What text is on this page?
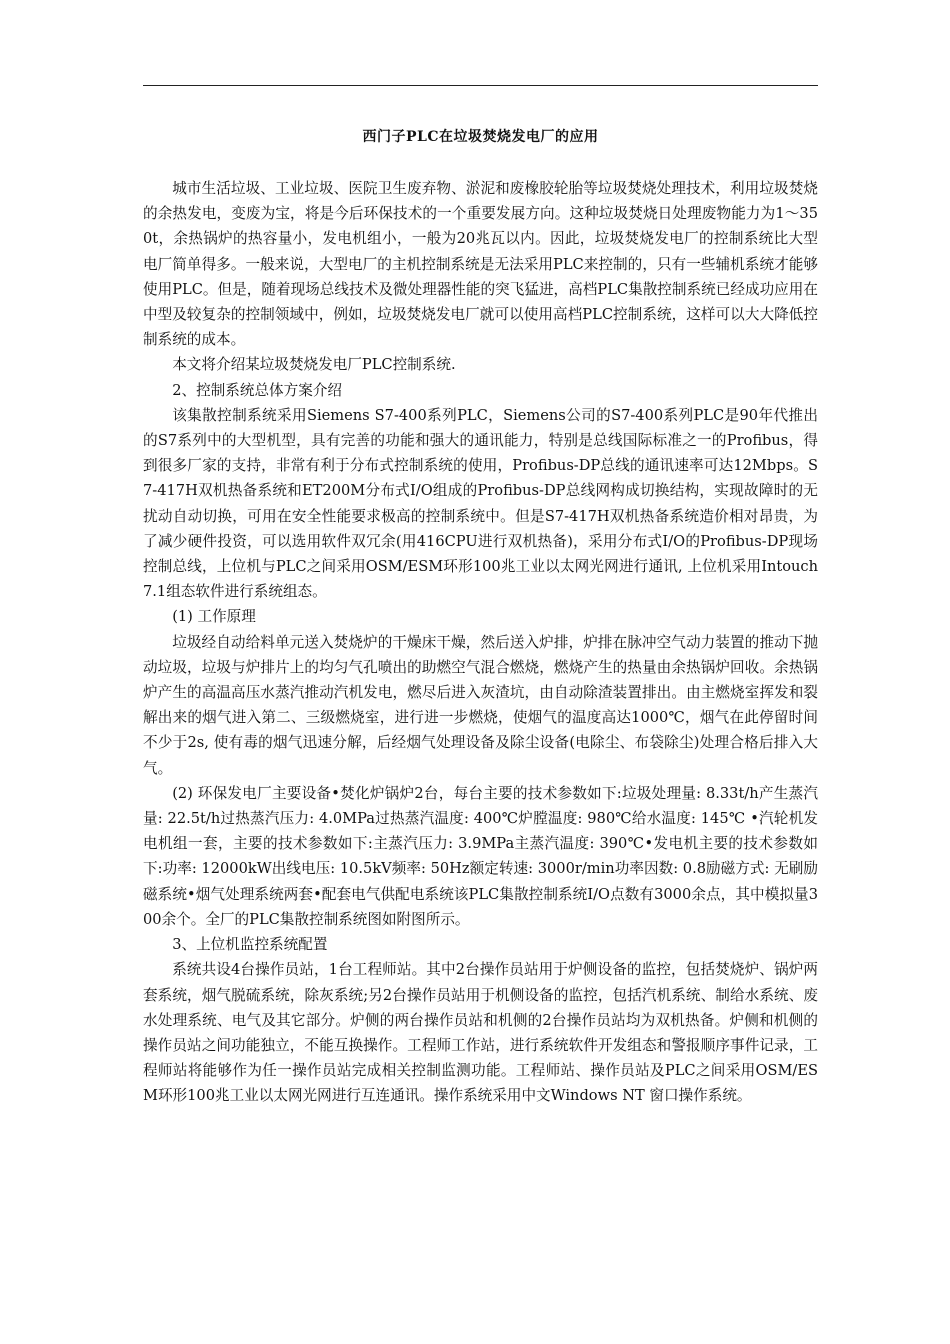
西门子PLC在垃圾焚烧发电厂的应用

城市生活垃圾、工业垃圾、医院卫生废弃物、淤泥和废橡胶轮胎等垃圾焚烧处理技术，利用垃圾焚烧的余热发电，变废为宝，将是今后环保技术的一个重要发展方向。这种垃圾焚烧日处理废物能力为1～350t，余热锅炉的热容量小，发电机组小，一般为20兆瓦以内。因此，垃圾焚烧发电厂的控制系统比大型电厂简单得多。一般来说，大型电厂的主机控制系统是无法采用PLC来控制的，只有一些辅机系统才能够使用PLC。但是，随着现场总线技术及微处理器性能的突飞猛进，高档PLC集散控制系统已经成功应用在中型及较复杂的控制领域中，例如，垃圾焚烧发电厂就可以使用高档PLC控制系统，这样可以大大降低控制系统的成本。

本文将介绍某垃圾焚烧发电厂PLC控制系统.

2、控制系统总体方案介绍

该集散控制系统采用Siemens S7-400系列PLC，Siemens公司的S7-400系列PLC是90年代推出的S7系列中的大型机型，具有完善的功能和强大的通讯能力，特别是总线国际标准之一的Profibus，得到很多厂家的支持，非常有利于分布式控制系统的使用，Profibus-DP总线的通讯速率可达12Mbps。S7-417H双机热备系统和ET200M分布式I/O组成的Profibus-DP总线网构成切换结构，实现故障时的无扰动自动切换，可用在安全性能要求极高的控制系统中。但是S7-417H双机热备系统造价相对昂贵，为了减少硬件投资，可以选用软件双冗余(用416CPU进行双机热备)，采用分布式I/O的Profibus-DP现场控制总线，上位机与PLC之间采用OSM/ESM环形100兆工业以太网光网进行通讯, 上位机采用Intouch7.1组态软件进行系统组态。

(1) 工作原理

垃圾经自动给料单元送入焚烧炉的干燥床干燥，然后送入炉排，炉排在脉冲空气动力装置的推动下抛动垃圾，垃圾与炉排片上的均匀气孔喷出的助燃空气混合燃烧，燃烧产生的热量由余热锅炉回收。余热锅炉产生的高温高压水蒸汽推动汽机发电，燃尽后进入灰渣坑，由自动除渣装置排出。由主燃烧室挥发和裂解出来的烟气进入第二、三级燃烧室，进行进一步燃烧，使烟气的温度高达1000℃，烟气在此停留时间不少于2s, 使有毒的烟气迅速分解，后经烟气处理设备及除尘设备(电除尘、布袋除尘)处理合格后排入大气。

(2) 环保发电厂主要设备•焚化炉锅炉2台，每台主要的技术参数如下:垃圾处理量: 8.33t/h产生蒸汽量: 22.5t/h过热蒸汽压力: 4.0MPa过热蒸汽温度: 400℃炉膛温度: 980℃给水温度: 145℃ •汽轮机发电机组一套，主要的技术参数如下:主蒸汽压力: 3.9MPa主蒸汽温度: 390℃•发电机主要的技术参数如下:功率: 12000kW出线电压: 10.5kV频率: 50Hz额定转速: 3000r/min功率因数: 0.8励磁方式: 无刷励磁系统•烟气处理系统两套•配套电气供配电系统该PLC集散控制系统I/O点数有3000余点，其中模拟量300余个。全厂的PLC集散控制系统图如附图所示。

3、上位机监控系统配置

系统共设4台操作员站，1台工程师站。其中2台操作员站用于炉侧设备的监控，包括焚烧炉、锅炉两套系统，烟气脱硫系统，除灰系统;另2台操作员站用于机侧设备的监控，包括汽机系统、制给水系统、废水处理系统、电气及其它部分。炉侧的两台操作员站和机侧的2台操作员站均为双机热备。炉侧和机侧的操作员站之间功能独立，不能互换操作。工程师工作站，进行系统软件开发组态和警报顺序事件记录，工程师站将能够作为任一操作员站完成相关控制监测功能。工程师站、操作员站及PLC之间采用OSM/ESM环形100兆工业以太网光网进行互连通讯。操作系统采用中文Windows NT 窗口操作系统。
